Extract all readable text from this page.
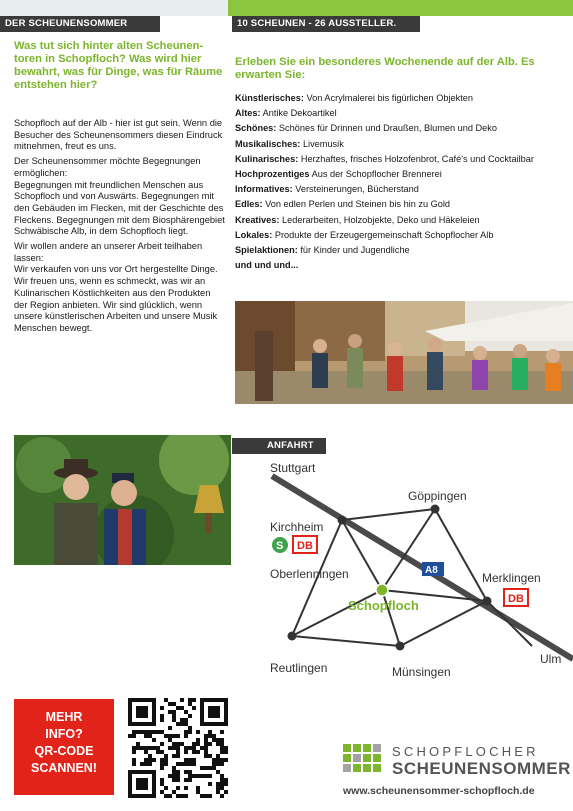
DER SCHEUNENSOMMER	10 SCHEUNEN - 26 AUSSTELLER.
Was tut sich hinter alten Scheunen-toren in Schopfloch? Was wird hier bewahrt, was für Dinge, was für Räume entstehen hier?

Schopfloch auf der Alb - hier ist gut sein. Wenn die Besucher des Scheunensommers diesen Eindruck mitnehmen, freut es uns.

Der Scheunensommer möchte Begegnungen ermöglichen:

Begegnungen mit freundlichen Menschen aus Schopfloch und von Auswärts. Begegnungen mit den Gebäuden im Flecken, mit der Geschichte des Fleckens. Begegnungen mit dem Biosphärengebiet Schwäbische Alb, in dem Schopfloch liegt.

Wir wollen andere an unserer Arbeit teilhaben lassen:

Wir verkaufen von uns vor Ort hergestellte Dinge. Wir freuen uns, wenn es schmeckt, was wir an Kulinarischen Köstlichkeiten aus den Produkten der Region anbieten. Wir sind glücklich, wenn unsere künstlerischen Arbeiten und unsere Musik Menschen bewegt.

Erleben Sie ein besonderes Wochenende auf der Alb. Es erwarten Sie:
Künstlerisches: Von Acrylmalerei bis figürlichen Objekten
Altes: Antike Dekoartikel
Schönes: Schönes für Drinnen und Draußen, Blumen und Deko
Musikalisches: Livemusik
Kulinarisches: Herzhaftes, frisches Holzofenbrot, Café's und Cocktailbar
Hochprozentiges Aus der Schopflocher Brennerei
Informatives: Versteinerungen, Bücherstand
Edles: Von edlen Perlen und Steinen bis hin zu Gold
Kreatives: Lederarbeiten, Holzobjekte, Deko und Häkeleien
Lokales: Produkte der Erzeugergemeinschaft Schopflocher Alb
Spielaktionen: für Kinder und Jugendliche
und und und...
ANFAHRT
Stuttgart
Göppingen
Kirchheim
Oberlenningen
Schopfloch
Merklingen
Reutlingen	Münsingen
Ulm
S DB
DB
A8
MEHR
INFO?
QR-CODE
SCANNEN!
SCHOPFLOCHER
SCHEUNENSOMMER
www.scheunensommer-schopfloch.de
